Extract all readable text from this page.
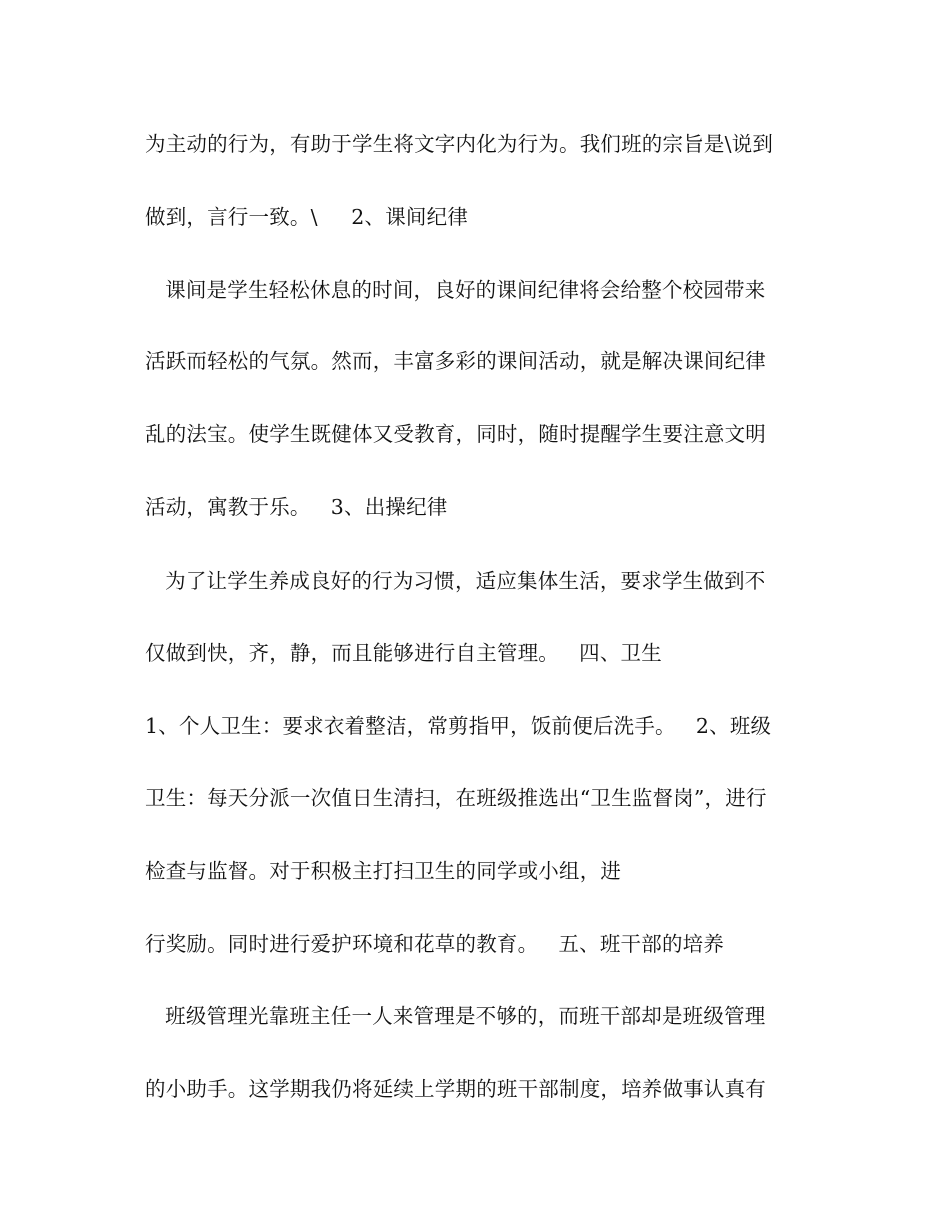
为主动的行为，有助于学生将文字内化为行为。我们班的宗旨是\说到
做到，言行一致。\     2、课间纪律
课间是学生轻松休息的时间，良好的课间纪律将会给整个校园带来
活跃而轻松的气氛。然而，丰富多彩的课间活动，就是解决课间纪律
乱的法宝。使学生既健体又受教育，同时，随时提醒学生要注意文明
活动，寓教于乐。   3、出操纪律
为了让学生养成良好的行为习惯，适应集体生活，要求学生做到不
仅做到快，齐，静，而且能够进行自主管理。   四、卫生
1、个人卫生：要求衣着整洁，常剪指甲，饭前便后洗手。   2、班级
卫生：每天分派一次值日生清扫，在班级推选出“卫生监督岗”，进行
检查与监督。对于积极主打扫卫生的同学或小组，进
行奖励。同时进行爱护环境和花草的教育。   五、班干部的培养
班级管理光靠班主任一人来管理是不够的，而班干部却是班级管理
的小助手。这学期我仍将延续上学期的班干部制度，培养做事认真有
